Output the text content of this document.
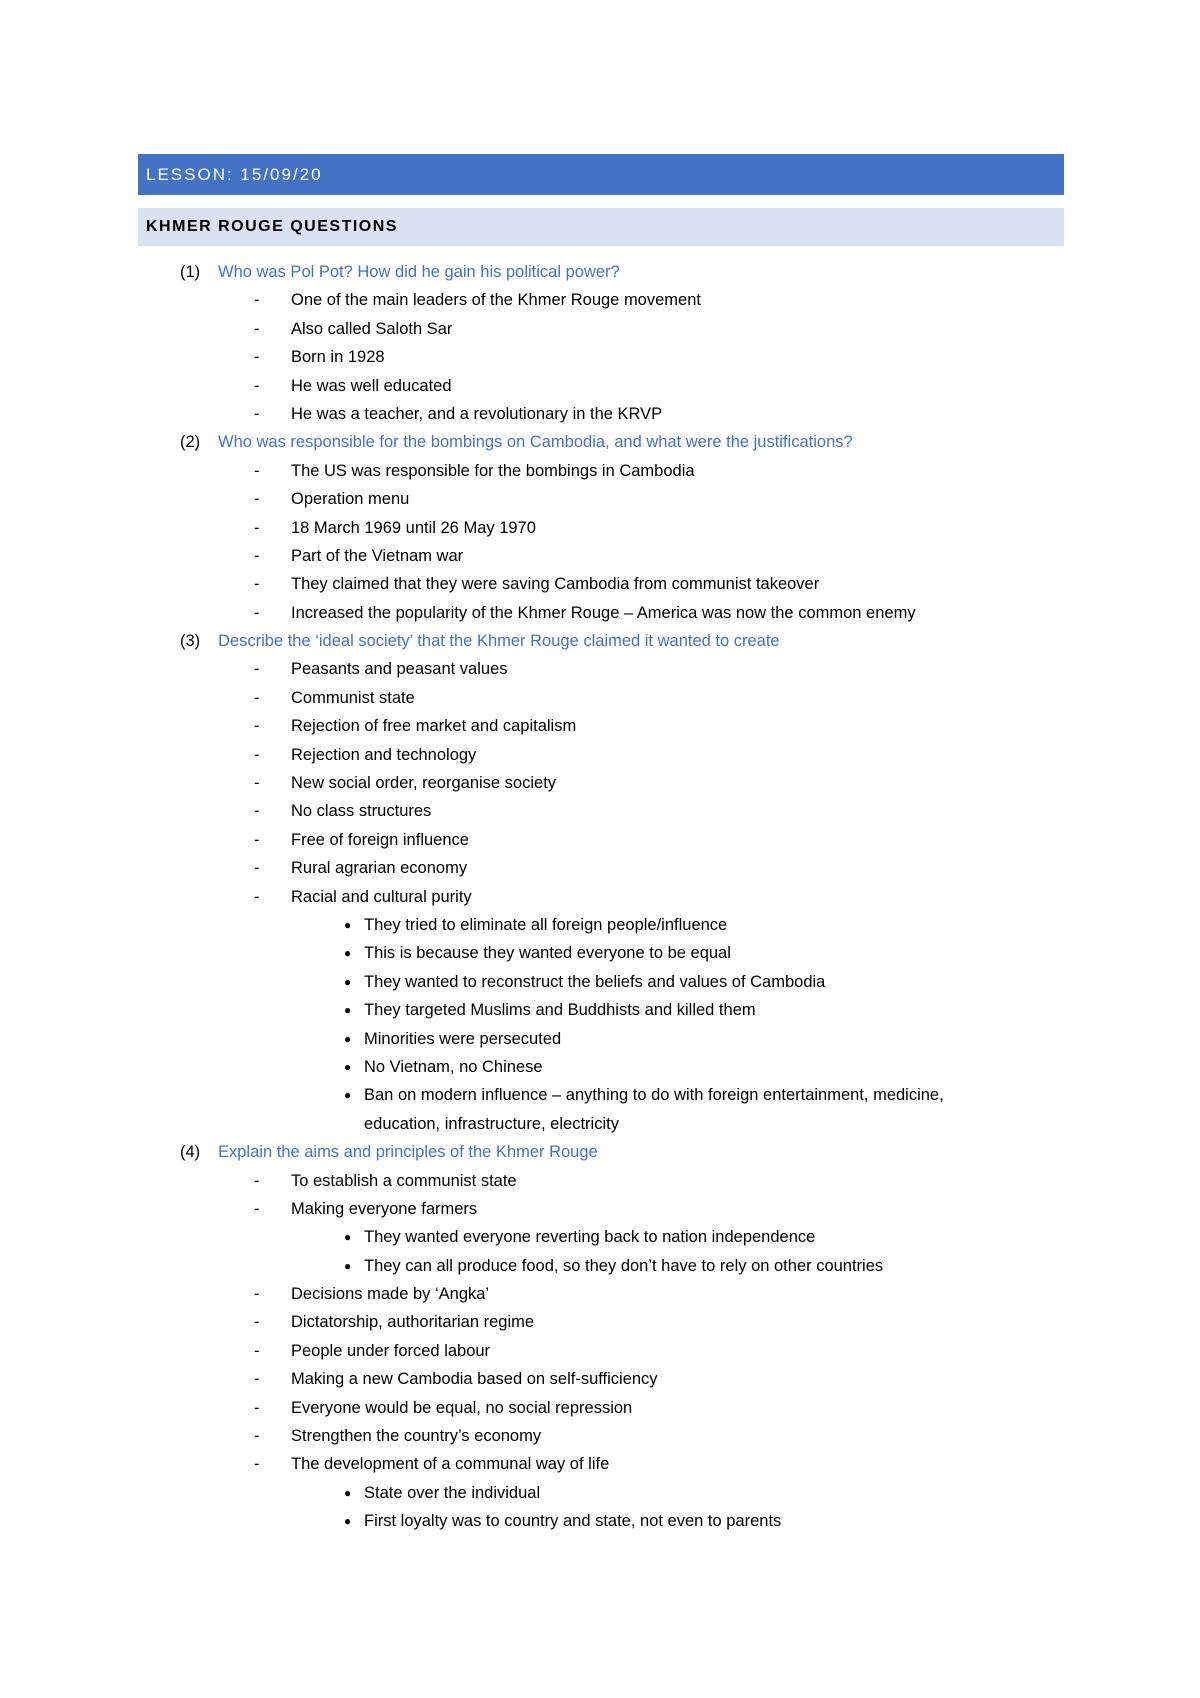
LESSON: 15/09/20
KHMER ROUGE QUESTIONS
(1) Who was Pol Pot? How did he gain his political power?
- One of the main leaders of the Khmer Rouge movement
- Also called Saloth Sar
- Born in 1928
- He was well educated
- He was a teacher, and a revolutionary in the KRVP
(2) Who was responsible for the bombings on Cambodia, and what were the justifications?
- The US was responsible for the bombings in Cambodia
- Operation menu
- 18 March 1969 until 26 May 1970
- Part of the Vietnam war
- They claimed that they were saving Cambodia from communist takeover
- Increased the popularity of the Khmer Rouge – America was now the common enemy
(3) Describe the ‘ideal society’ that the Khmer Rouge claimed it wanted to create
- Peasants and peasant values
- Communist state
- Rejection of free market and capitalism
- Rejection and technology
- New social order, reorganise society
- No class structures
- Free of foreign influence
- Rural agrarian economy
- Racial and cultural purity
● They tried to eliminate all foreign people/influence
● This is because they wanted everyone to be equal
● They wanted to reconstruct the beliefs and values of Cambodia
● They targeted Muslims and Buddhists and killed them
● Minorities were persecuted
● No Vietnam, no Chinese
● Ban on modern influence – anything to do with foreign entertainment, medicine,
education, infrastructure, electricity
(4) Explain the aims and principles of the Khmer Rouge
- To establish a communist state
- Making everyone farmers
● They wanted everyone reverting back to nation independence
● They can all produce food, so they don’t have to rely on other countries
- Decisions made by ‘Angka’
- Dictatorship, authoritarian regime
- People under forced labour
- Making a new Cambodia based on self-sufficiency
- Everyone would be equal, no social repression
- Strengthen the country’s economy
- The development of a communal way of life
● State over the individual
● First loyalty was to country and state, not even to parents
